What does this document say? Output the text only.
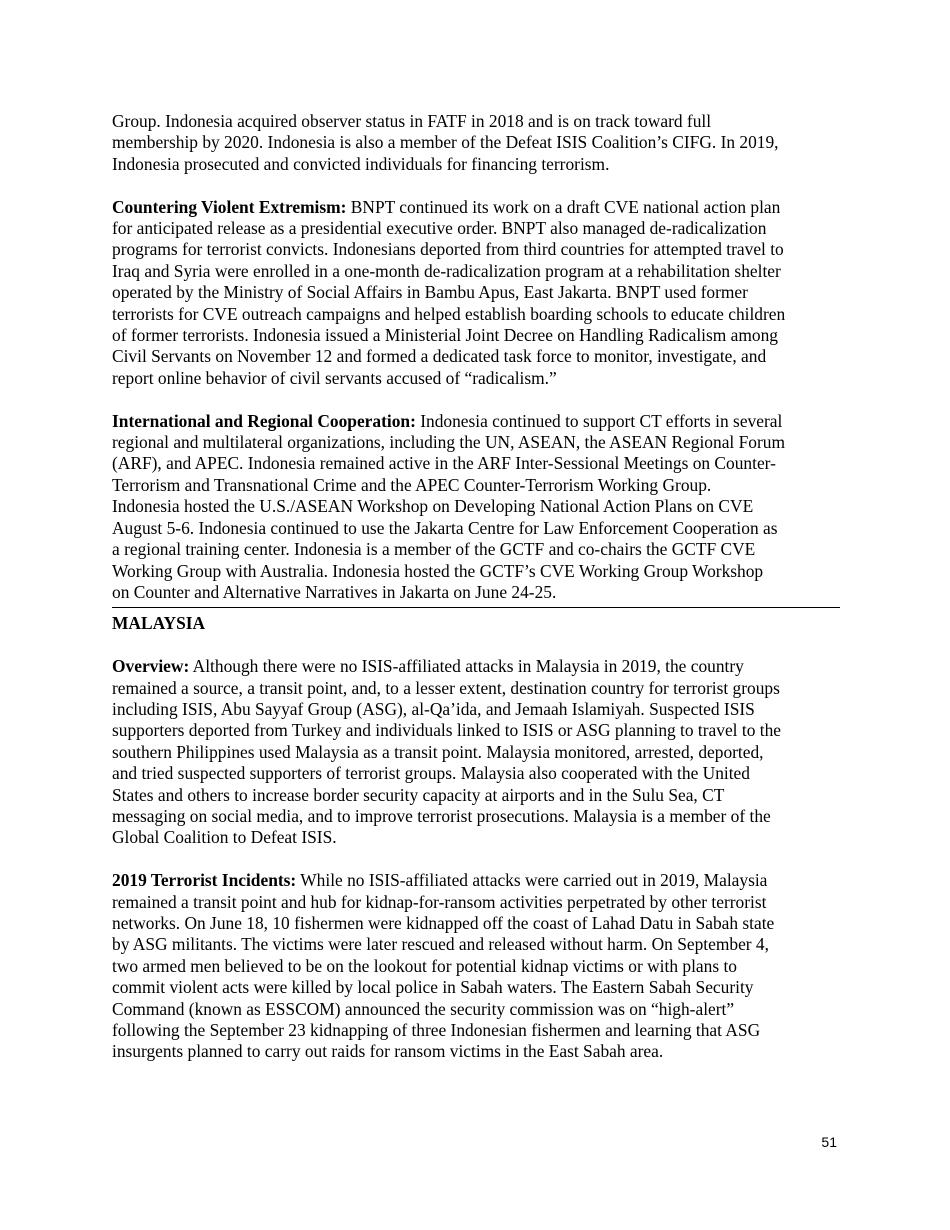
Group. Indonesia acquired observer status in FATF in 2018 and is on track toward full
membership by 2020. Indonesia is also a member of the Defeat ISIS Coalition’s CIFG. In 2019,
Indonesia prosecuted and convicted individuals for financing terrorism.

Countering Violent Extremism: BNPT continued its work on a draft CVE national action plan
for anticipated release as a presidential executive order. BNPT also managed de-radicalization
programs for terrorist convicts. Indonesians deported from third countries for attempted travel to
Iraq and Syria were enrolled in a one-month de-radicalization program at a rehabilitation shelter
operated by the Ministry of Social Affairs in Bambu Apus, East Jakarta. BNPT used former
terrorists for CVE outreach campaigns and helped establish boarding schools to educate children
of former terrorists. Indonesia issued a Ministerial Joint Decree on Handling Radicalism among
Civil Servants on November 12 and formed a dedicated task force to monitor, investigate, and
report online behavior of civil servants accused of “radicalism.”

International and Regional Cooperation: Indonesia continued to support CT efforts in several
regional and multilateral organizations, including the UN, ASEAN, the ASEAN Regional Forum
(ARF), and APEC. Indonesia remained active in the ARF Inter-Sessional Meetings on Counter-
Terrorism and Transnational Crime and the APEC Counter-Terrorism Working Group.
Indonesia hosted the U.S./ASEAN Workshop on Developing National Action Plans on CVE
August 5-6. Indonesia continued to use the Jakarta Centre for Law Enforcement Cooperation as
a regional training center. Indonesia is a member of the GCTF and co-chairs the GCTF CVE
Working Group with Australia. Indonesia hosted the GCTF’s CVE Working Group Workshop
on Counter and Alternative Narratives in Jakarta on June 24-25.

MALAYSIA

Overview: Although there were no ISIS-affiliated attacks in Malaysia in 2019, the country
remained a source, a transit point, and, to a lesser extent, destination country for terrorist groups
including ISIS, Abu Sayyaf Group (ASG), al-Qa’ida, and Jemaah Islamiyah. Suspected ISIS
supporters deported from Turkey and individuals linked to ISIS or ASG planning to travel to the
southern Philippines used Malaysia as a transit point. Malaysia monitored, arrested, deported,
and tried suspected supporters of terrorist groups. Malaysia also cooperated with the United
States and others to increase border security capacity at airports and in the Sulu Sea, CT
messaging on social media, and to improve terrorist prosecutions. Malaysia is a member of the
Global Coalition to Defeat ISIS.

2019 Terrorist Incidents: While no ISIS-affiliated attacks were carried out in 2019, Malaysia
remained a transit point and hub for kidnap-for-ransom activities perpetrated by other terrorist
networks. On June 18, 10 fishermen were kidnapped off the coast of Lahad Datu in Sabah state
by ASG militants. The victims were later rescued and released without harm. On September 4,
two armed men believed to be on the lookout for potential kidnap victims or with plans to
commit violent acts were killed by local police in Sabah waters. The Eastern Sabah Security
Command (known as ESSCOM) announced the security commission was on “high-alert”
following the September 23 kidnapping of three Indonesian fishermen and learning that ASG
insurgents planned to carry out raids for ransom victims in the East Sabah area.

51
